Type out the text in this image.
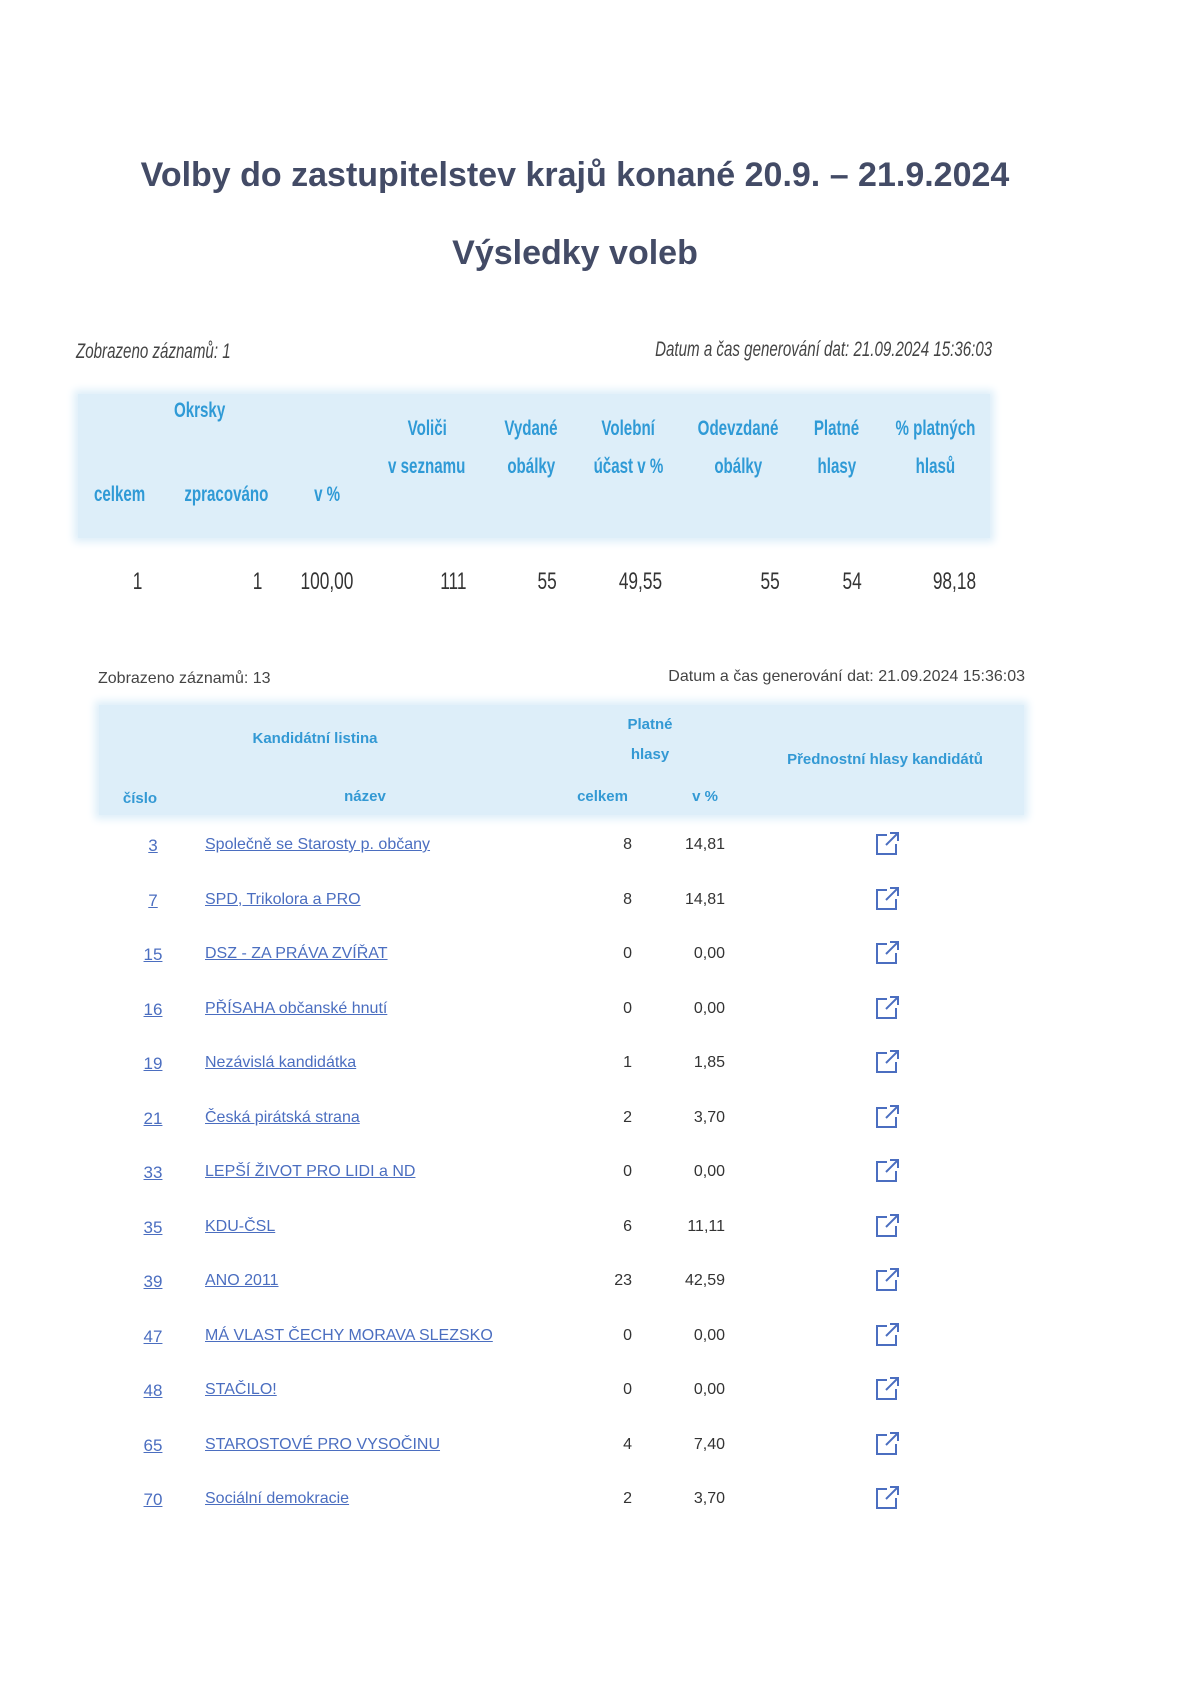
Volby do zastupitelstev krajů konané 20.9. – 21.9.2024
Výsledky voleb
Zobrazeno záznamů: 1	Datum a čas generování dat: 21.09.2024 15:36:03
Okrsky
celkem	zpracováno	v %
Voliči
v seznamu
Vydané
obálky
Volební
účast v %
Odevzdané
obálky
Platné
hlasy
% platných
hlasů
1	1	100,00	111	55	49,55	55	54	98,18
Zobrazeno záznamů: 13	Datum a čas generování dat: 21.09.2024 15:36:03
Kandidátní listina
Platné
hlasy	Přednostní hlasy kandidátů
číslo	název	celkem	v %
3	Společně se Starosty p. občany	8	14,81
7	SPD, Trikolora a PRO	8	14,81
15	DSZ - ZA PRÁVA ZVÍŘAT	0	0,00
16	PŘÍSAHA občanské hnutí	0	0,00
19	Nezávislá kandidátka	1	1,85
21	Česká pirátská strana	2	3,70
33	LEPŠÍ ŽIVOT PRO LIDI a ND	0	0,00
35	KDU-ČSL	6	11,11
39	ANO 2011	23	42,59
47	MÁ VLAST ČECHY MORAVA SLEZSKO	0	0,00
48	STAČILO!	0	0,00
65	STAROSTOVÉ PRO VYSOČINU	4	7,40
70	Sociální demokracie	2	3,70
